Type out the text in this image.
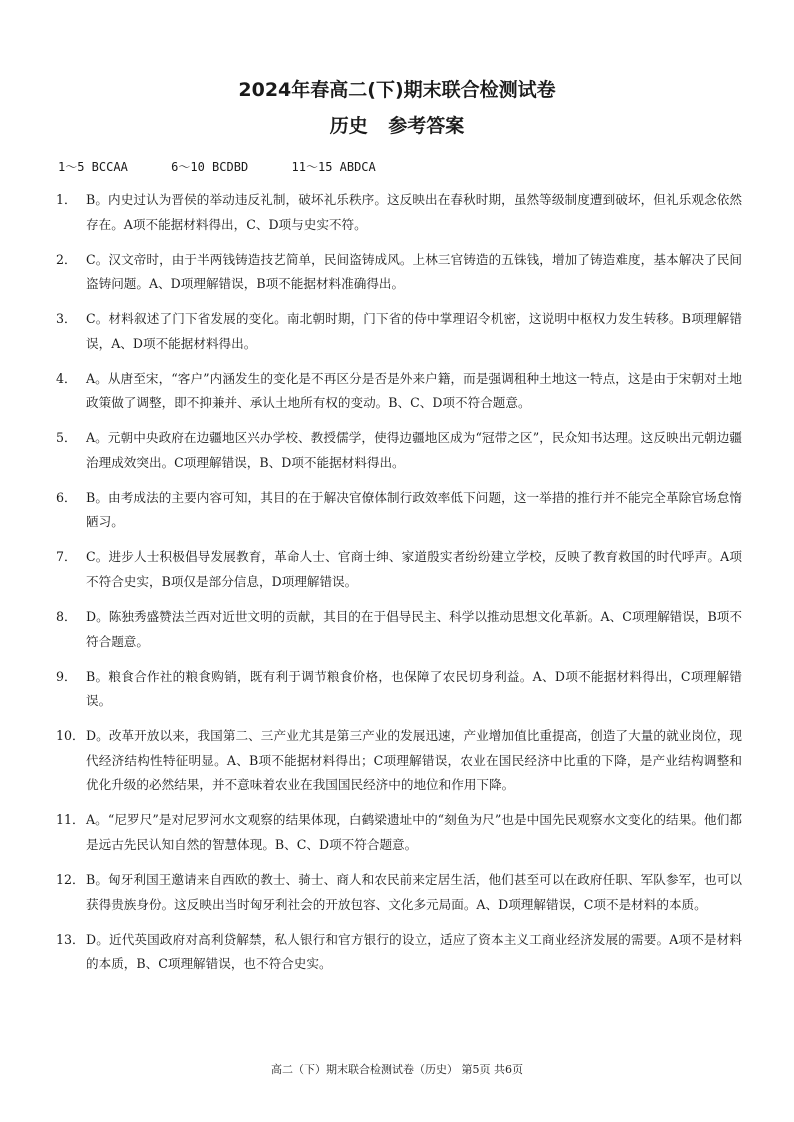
2024年春高二(下)期末联合检测试卷
历史 参考答案
1～5 BCCAA      6～10 BCDBD      11～15 ABDCA
1． B。内史过认为晋侯的举动违反礼制，破坏礼乐秩序。这反映出在春秋时期，虽然等级制度遭到破坏，但礼乐观念依然存在。A项不能据材料得出，C、D项与史实不符。
2． C。汉文帝时，由于半两钱铸造技艺简单，民间盗铸成风。上林三官铸造的五铢钱，增加了铸造难度，基本解决了民间盗铸问题。A、D项理解错误，B项不能据材料准确得出。
3． C。材料叙述了门下省发展的变化。南北朝时期，门下省的侍中掌理诏令机密，这说明中枢权力发生转移。B项理解错误，A、D项不能据材料得出。
4． A。从唐至宋，“客户”内涵发生的变化是不再区分是否是外来户籍，而是强调租种土地这一特点，这是由于宋朝对土地政策做了调整，即不抑兼并、承认土地所有权的变动。B、C、D项不符合题意。
5． A。元朝中央政府在边疆地区兴办学校、教授儒学，使得边疆地区成为“冠带之区”，民众知书达理。这反映出元朝边疆治理成效突出。C项理解错误，B、D项不能据材料得出。
6． B。由考成法的主要内容可知，其目的在于解决官僚体制行政效率低下问题，这一举措的推行并不能完全革除官场怠惰陋习。
7． C。进步人士积极倡导发展教育，革命人士、官商士绅、家道殷实者纷纷建立学校，反映了教育救国的时代呼声。A项不符合史实，B项仅是部分信息，D项理解错误。
8． D。陈独秀盛赞法兰西对近世文明的贡献，其目的在于倡导民主、科学以推动思想文化革新。A、C项理解错误，B项不符合题意。
9． B。粮食合作社的粮食购销，既有利于调节粮食价格，也保障了农民切身利益。A、D项不能据材料得出，C项理解错误。
10． D。改革开放以来，我国第二、三产业尤其是第三产业的发展迅速，产业增加值比重提高，创造了大量的就业岗位，现代经济结构性特征明显。A、B项不能据材料得出；C项理解错误，农业在国民经济中比重的下降，是产业结构调整和优化升级的必然结果，并不意味着农业在我国国民经济中的地位和作用下降。
11． A。“尼罗尺”是对尼罗河水文观察的结果体现，白鹤梁遗址中的“刻鱼为尺”也是中国先民观察水文变化的结果。他们都是远古先民认知自然的智慧体现。B、C、D项不符合题意。
12． B。匈牙利国王邀请来自西欧的教士、骑士、商人和农民前来定居生活，他们甚至可以在政府任职、军队参军，也可以获得贵族身份。这反映出当时匈牙利社会的开放包容、文化多元局面。A、D项理解错误，C项不是材料的本质。
13． D。近代英国政府对高利贷解禁，私人银行和官方银行的设立，适应了资本主义工商业经济发展的需要。A项不是材料的本质，B、C项理解错误，也不符合史实。
高二（下）期末联合检测试卷（历史） 第5页 共6页
